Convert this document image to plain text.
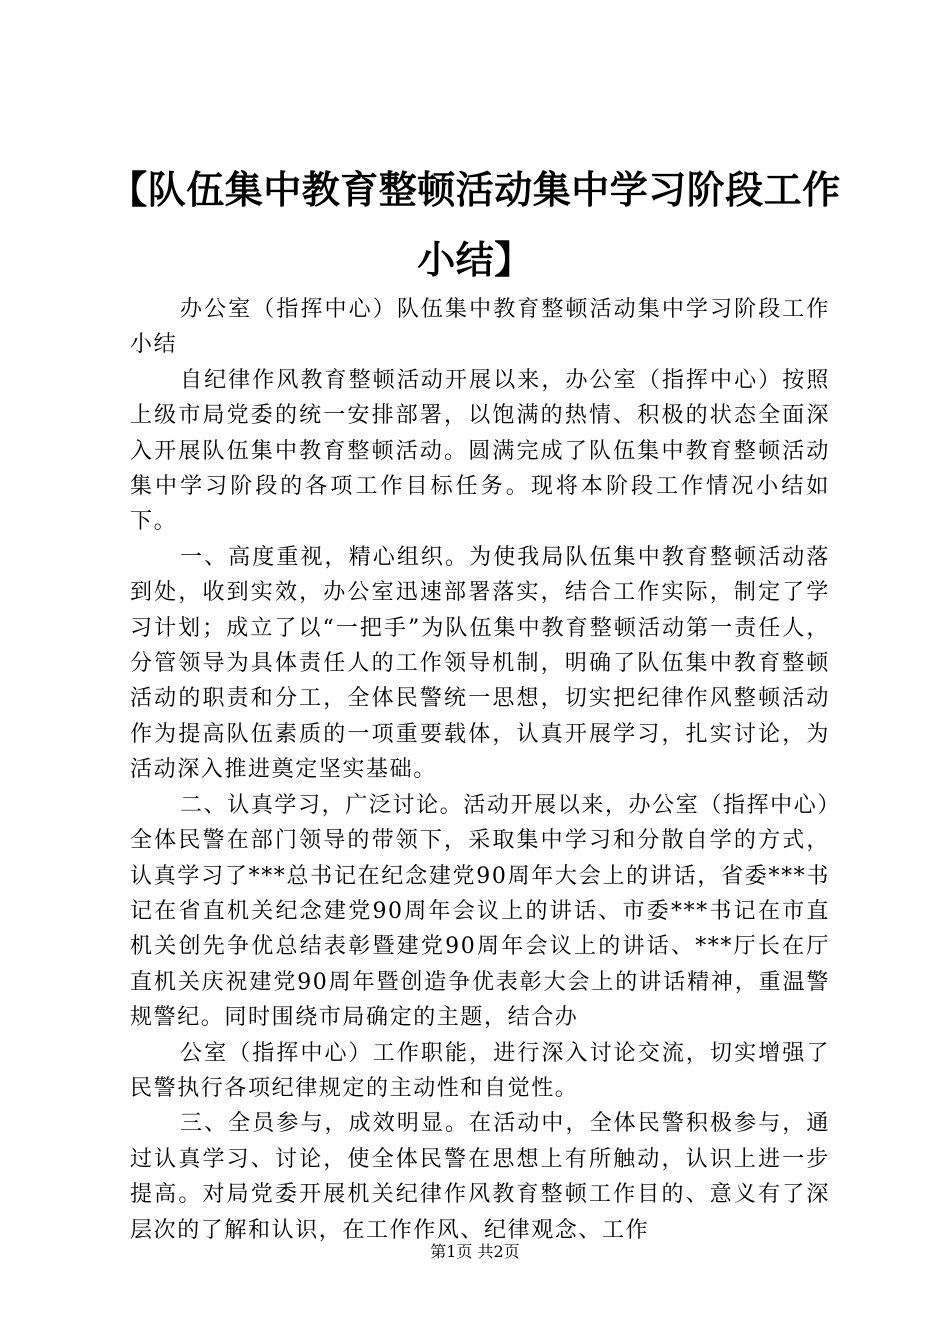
【队伍集中教育整顿活动集中学习阶段工作小结】

办公室（指挥中心）队伍集中教育整顿活动集中学习阶段工作小结

自纪律作风教育整顿活动开展以来，办公室（指挥中心）按照上级市局党委的统一安排部署，以饱满的热情、积极的状态全面深入开展队伍集中教育整顿活动。圆满完成了队伍集中教育整顿活动集中学习阶段的各项工作目标任务。现将本阶段工作情况小结如下。

一、高度重视，精心组织。为使我局队伍集中教育整顿活动落到处，收到实效，办公室迅速部署落实，结合工作实际，制定了学习计划；成立了以“一把手”为队伍集中教育整顿活动第一责任人，分管领导为具体责任人的工作领导机制，明确了队伍集中教育整顿活动的职责和分工，全体民警统一思想，切实把纪律作风整顿活动作为提高队伍素质的一项重要载体，认真开展学习，扎实讨论，为活动深入推进奠定坚实基础。

二、认真学习，广泛讨论。活动开展以来，办公室（指挥中心）全体民警在部门领导的带领下，采取集中学习和分散自学的方式，认真学习了***总书记在纪念建党90周年大会上的讲话，省委***书记在省直机关纪念建党90周年会议上的讲话、市委***书记在市直机关创先争优总结表彰暨建党90周年会议上的讲话、***厅长在厅直机关庆祝建党90周年暨创造争优表彰大会上的讲话精神，重温警规警纪。同时围绕市局确定的主题，结合办

公室（指挥中心）工作职能，进行深入讨论交流，切实增强了民警执行各项纪律规定的主动性和自觉性。

三、全员参与，成效明显。在活动中，全体民警积极参与，通过认真学习、讨论，使全体民警在思想上有所触动，认识上进一步提高。对局党委开展机关纪律作风教育整顿工作目的、意义有了深层次的了解和认识，在工作作风、纪律观念、工作

第1页 共2页
